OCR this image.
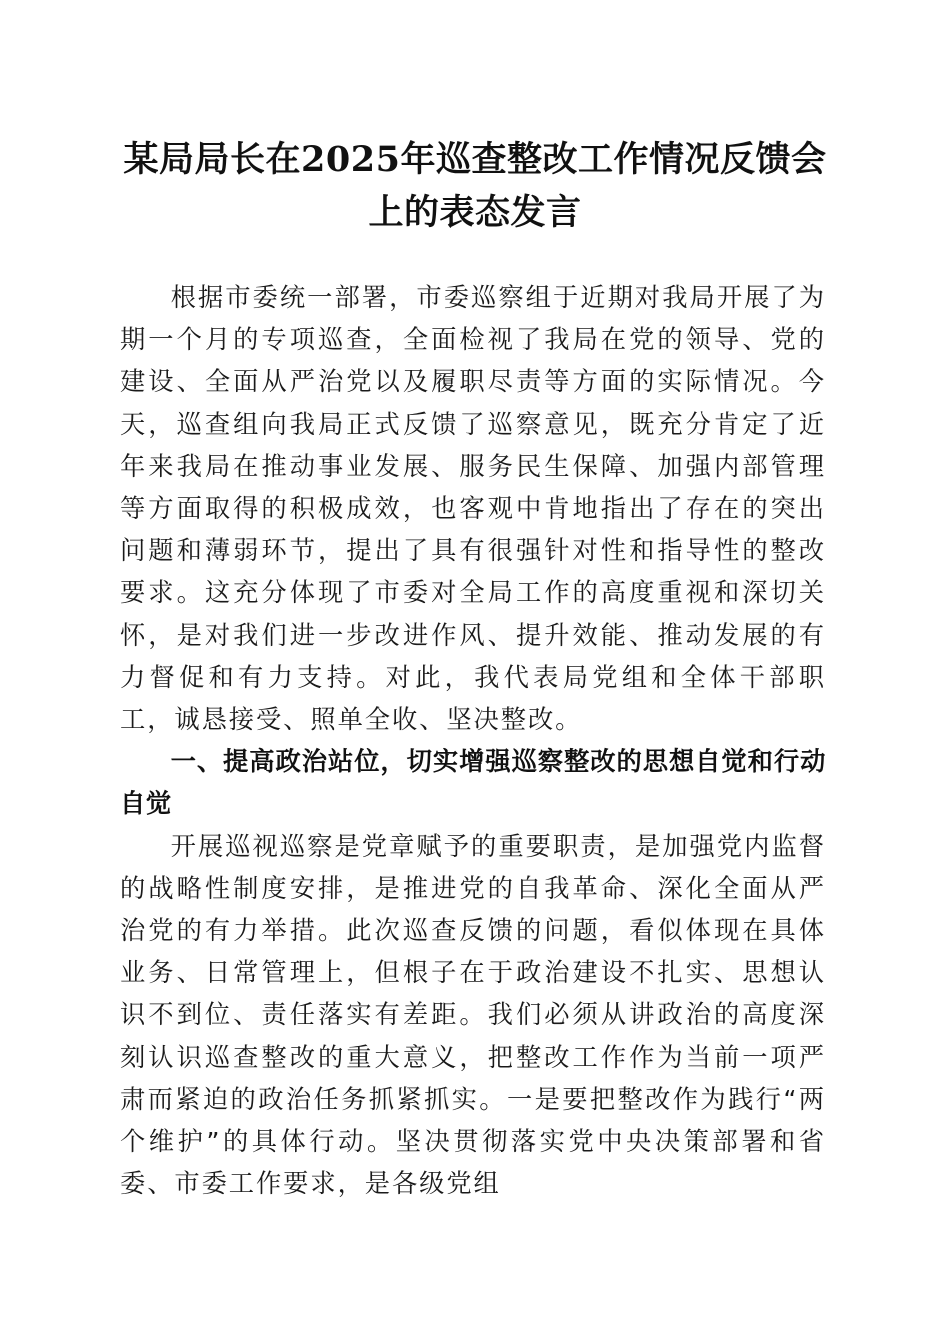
某局局长在2025年巡查整改工作情况反馈会上的表态发言

根据市委统一部署，市委巡察组于近期对我局开展了为期一个月的专项巡查，全面检视了我局在党的领导、党的建设、全面从严治党以及履职尽责等方面的实际情况。今天，巡查组向我局正式反馈了巡察意见，既充分肯定了近年来我局在推动事业发展、服务民生保障、加强内部管理等方面取得的积极成效，也客观中肯地指出了存在的突出问题和薄弱环节，提出了具有很强针对性和指导性的整改要求。这充分体现了市委对全局工作的高度重视和深切关怀，是对我们进一步改进作风、提升效能、推动发展的有力督促和有力支持。对此，我代表局党组和全体干部职工，诚恳接受、照单全收、坚决整改。

一、提高政治站位，切实增强巡察整改的思想自觉和行动自觉

开展巡视巡察是党章赋予的重要职责，是加强党内监督的战略性制度安排，是推进党的自我革命、深化全面从严治党的有力举措。此次巡查反馈的问题，看似体现在具体业务、日常管理上，但根子在于政治建设不扎实、思想认识不到位、责任落实有差距。我们必须从讲政治的高度深刻认识巡查整改的重大意义，把整改工作作为当前一项严肃而紧迫的政治任务抓紧抓实。一是要把整改作为践行“两个维护”的具体行动。坚决贯彻落实党中央决策部署和省委、市委工作要求，是各级党组
